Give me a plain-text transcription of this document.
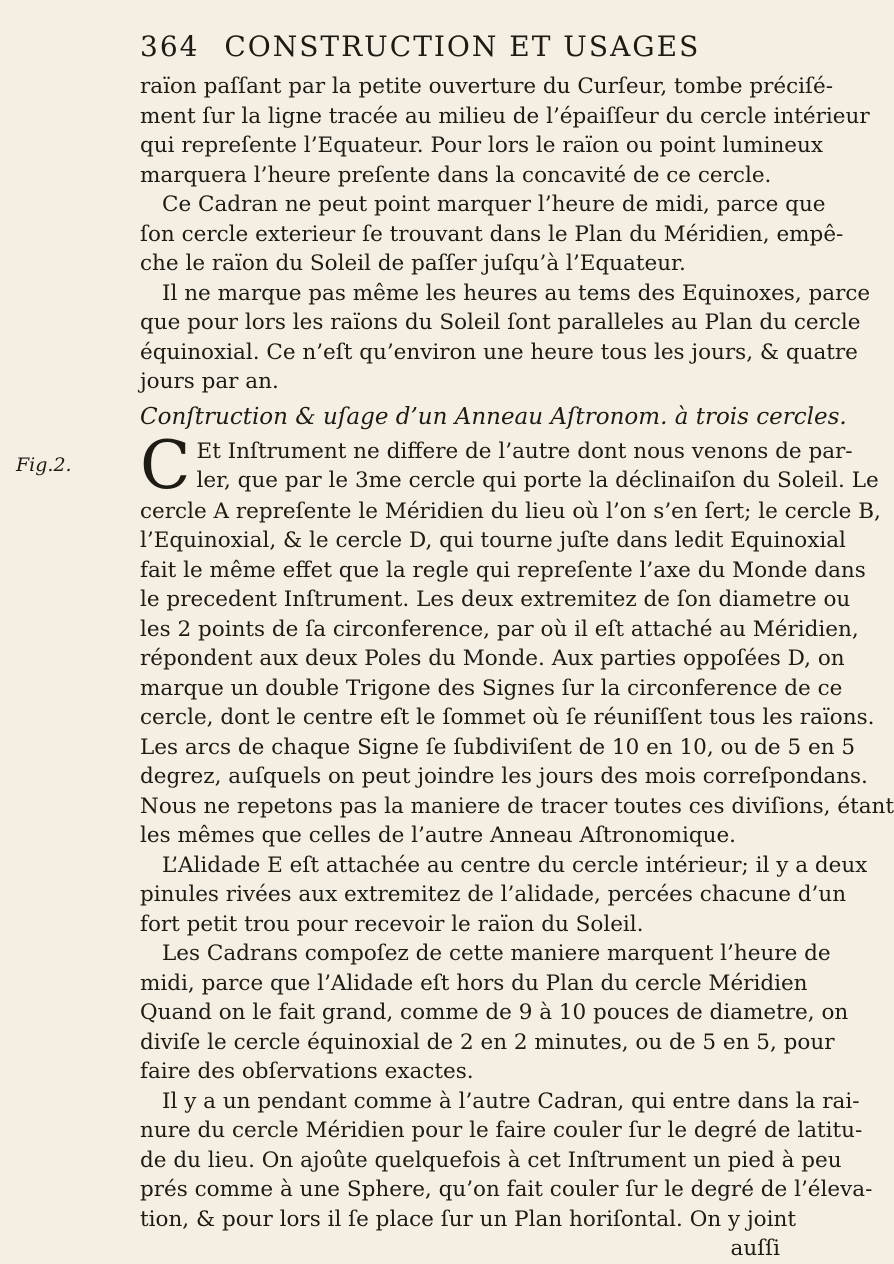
364 CONSTRUCTION ET USAGES
Fig.2.
raïon paſſant par la petite ouverture du Curſeur, tombe préciſé-
ment ſur la ligne tracée au milieu de l’épaiſſeur du cercle intérieur
qui repreſente l’Equateur. Pour lors le raïon ou point lumineux
marquera l’heure preſente dans la concavité de ce cercle.
Ce Cadran ne peut point marquer l’heure de midi, parce que
ſon cercle exterieur ſe trouvant dans le Plan du Méridien, empê-
che le raïon du Soleil de paſſer juſqu’à l’Equateur.
Il ne marque pas même les heures au tems des Equinoxes, parce
que pour lors les raïons du Soleil ſont paralleles au Plan du cercle
équinoxial. Ce n’eſt qu’environ une heure tous les jours, & quatre
jours par an.
Conſtruction & uſage d’un Anneau Aſtronom. à trois cercles.
C Et Inſtrument ne differe de l’autre dont nous venons de par-
ler, que par le 3me cercle qui porte la déclinaiſon du Soleil. Le
cercle A repreſente le Méridien du lieu où l’on s’en ſert; le cercle B,
l’Equinoxial, & le cercle D, qui tourne juſte dans ledit Equinoxial
fait le même effet que la regle qui repreſente l’axe du Monde dans
le precedent Inſtrument. Les deux extremitez de ſon diametre ou
les 2 points de ſa circonference, par où il eſt attaché au Méridien,
répondent aux deux Poles du Monde. Aux parties oppoſées D, on
marque un double Trigone des Signes ſur la circonference de ce
cercle, dont le centre eſt le ſommet où ſe réuniſſent tous les raïons.
Les arcs de chaque Signe ſe ſubdiviſent de 10 en 10, ou de 5 en 5
degrez, auſquels on peut joindre les jours des mois correſpondans.
Nous ne repetons pas la maniere de tracer toutes ces diviſions, étant
les mêmes que celles de l’autre Anneau Aſtronomique.
L’Alidade E eſt attachée au centre du cercle intérieur; il y a deux
pinules rivées aux extremitez de l’alidade, percées chacune d’un
fort petit trou pour recevoir le raïon du Soleil.
Les Cadrans compoſez de cette maniere marquent l’heure de
midi, parce que l’Alidade eſt hors du Plan du cercle Méridien
Quand on le fait grand, comme de 9 à 10 pouces de diametre, on
diviſe le cercle équinoxial de 2 en 2 minutes, ou de 5 en 5, pour
faire des obſervations exactes.
Il y a un pendant comme à l’autre Cadran, qui entre dans la rai-
nure du cercle Méridien pour le faire couler ſur le degré de latitu-
de du lieu. On ajoûte quelquefois à cet Inſtrument un pied à peu
prés comme à une Sphere, qu’on fait couler ſur le degré de l’éleva-
tion, & pour lors il ſe place ſur un Plan horiſontal. On y joint
auſſi
